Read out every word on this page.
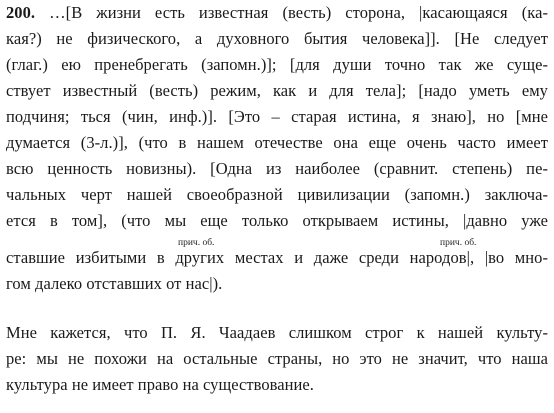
200. …[В жизни есть известная (весть) сторона, |касающаяся (ка-
кая?) не физического, а духовного бытия человека]]. [Не следует
(глаг.) ею пренебрегать (запомн.)]; [для души точно так же суще-
ствует известный (весть) режим, как и для тела]; [надо уметь ему
подчиня; ться (чин, инф.)]. [Это – старая истина, я знаю], но [мне
думается (3-л.)], (что в нашем отечестве она еще очень часто имеет
всю ценность новизны). [Одна из наиболее (сравнит. степень) пе-
чальных черт нашей своеобразной цивилизации (запомн.) заключа-
ется в том], (что мы еще только открываем истины, |давно уже
прич. об.	прич. об.
ставшие избитыми в других местах и даже среди народов|, |во мно-
гом далеко отставших от нас|).
Мне кажется, что П. Я. Чаадаев слишком строг к нашей культу-
ре: мы не похожи на остальные страны, но это не значит, что наша
культура не имеет право на существование.
